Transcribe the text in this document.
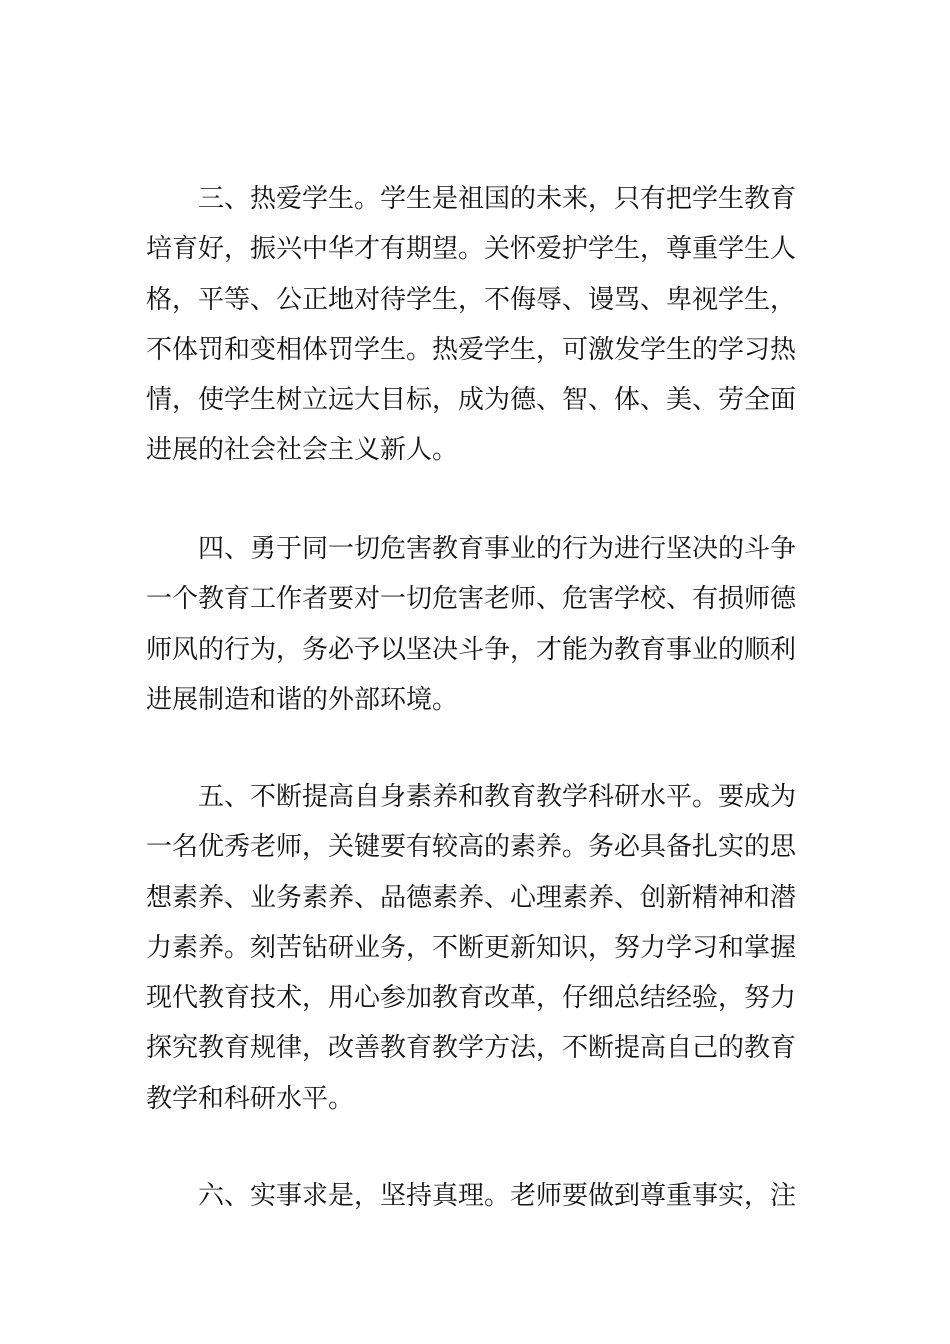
三、热爱学生。学生是祖国的未来，只有把学生教育
培育好，振兴中华才有期望。关怀爱护学生，尊重学生人
格，平等、公正地对待学生，不侮辱、谩骂、卑视学生，
不体罚和变相体罚学生。热爱学生，可激发学生的学习热
情，使学生树立远大目标，成为德、智、体、美、劳全面
进展的社会社会主义新人。
四、勇于同一切危害教育事业的行为进行坚决的斗争
一个教育工作者要对一切危害老师、危害学校、有损师德
师风的行为，务必予以坚决斗争，才能为教育事业的顺利
进展制造和谐的外部环境。
五、不断提高自身素养和教育教学科研水平。要成为
一名优秀老师，关键要有较高的素养。务必具备扎实的思
想素养、业务素养、品德素养、心理素养、创新精神和潜
力素养。刻苦钻研业务，不断更新知识，努力学习和掌握
现代教育技术，用心参加教育改革，仔细总结经验，努力
探究教育规律，改善教育教学方法，不断提高自己的教育
教学和科研水平。
六、实事求是，坚持真理。老师要做到尊重事实，注
